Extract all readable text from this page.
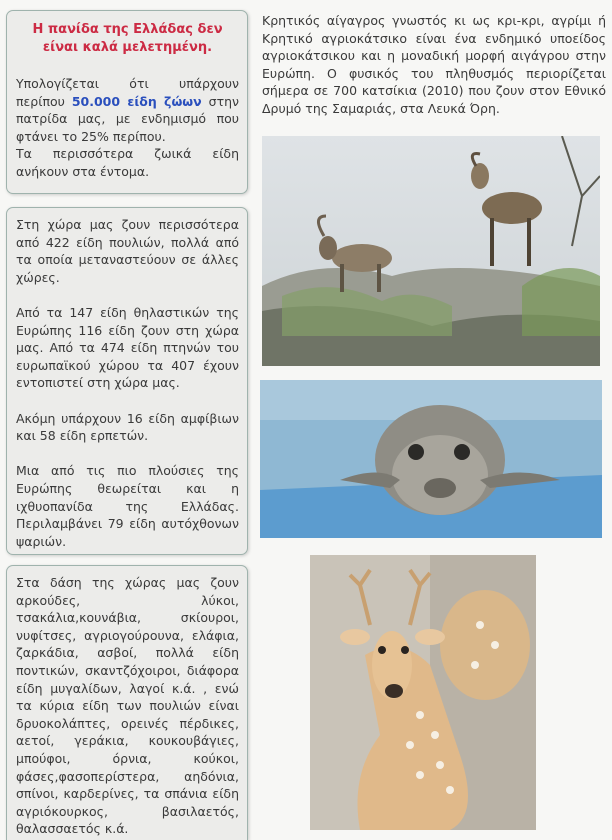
Η πανίδα της Ελλάδας δεν είναι καλά μελετημένη.

Υπολογίζεται ότι υπάρχουν περίπου 50.000 είδη ζώων στην πατρίδα μας, με ενδημισμό που φτάνει το 25% περίπου.

Τα περισσότερα ζωικά είδη ανήκουν στα έντομα.

Στη χώρα μας ζουν περισσότερα από 422 είδη πουλιών, πολλά από τα οποία μεταναστεύουν σε άλλες χώρες.

Από τα 147 είδη θηλαστικών της Ευρώπης 116 είδη ζουν στη χώρα μας. Από τα 474 είδη πτηνών του ευρωπαϊκού χώρου τα 407 έχουν εντοπιστεί στη χώρα μας.

Ακόμη υπάρχουν 16 είδη αμφίβιων και 58 είδη ερπετών.

Μια από τις πιο πλούσιες της Ευρώπης θεωρείται και η ιχθυοπανίδα της Ελλάδας. Περιλαμβάνει 79 είδη αυτόχθονων ψαριών.

Στα δάση της χώρας μας ζουν αρκούδες, λύκοι, τσακάλια,κουνάβια, σκίουροι, νυφίτσες, αγριογούρουνα, ελάφια, ζαρκάδια, ασβοί, πολλά είδη ποντικών, σκαντζόχοιροι, διάφορα είδη μυγαλίδων, λαγοί κ.ά. , ενώ τα κύρια είδη των πουλιών είναι δρυοκολάπτες, ορεινές πέρδικες, αετοί, γεράκια, κουκουβάγιες, μπούφοι, όρνια, κούκοι, φάσες,φασοπερίστερα, αηδόνια, σπίνοι, καρδερίνες, τα σπάνια είδη αγριόκουρκος, βασιλαετός, θαλασσαετός κ.ά.

Κρητικός αίγαγρος γνωστός κι ως κρι-κρι, αγρίμι ή Κρητικό αγριοκάτσικο είναι ένα ενδημικό υποείδος αγριοκάτσικου και η μοναδική μορφή αιγάγρου στην Ευρώπη. Ο φυσικός του πληθυσμός περιορίζεται σήμερα σε 700 κατσίκια (2010) που ζουν στον Εθνικό Δρυμό της Σαμαριάς, στα Λευκά Όρη.
